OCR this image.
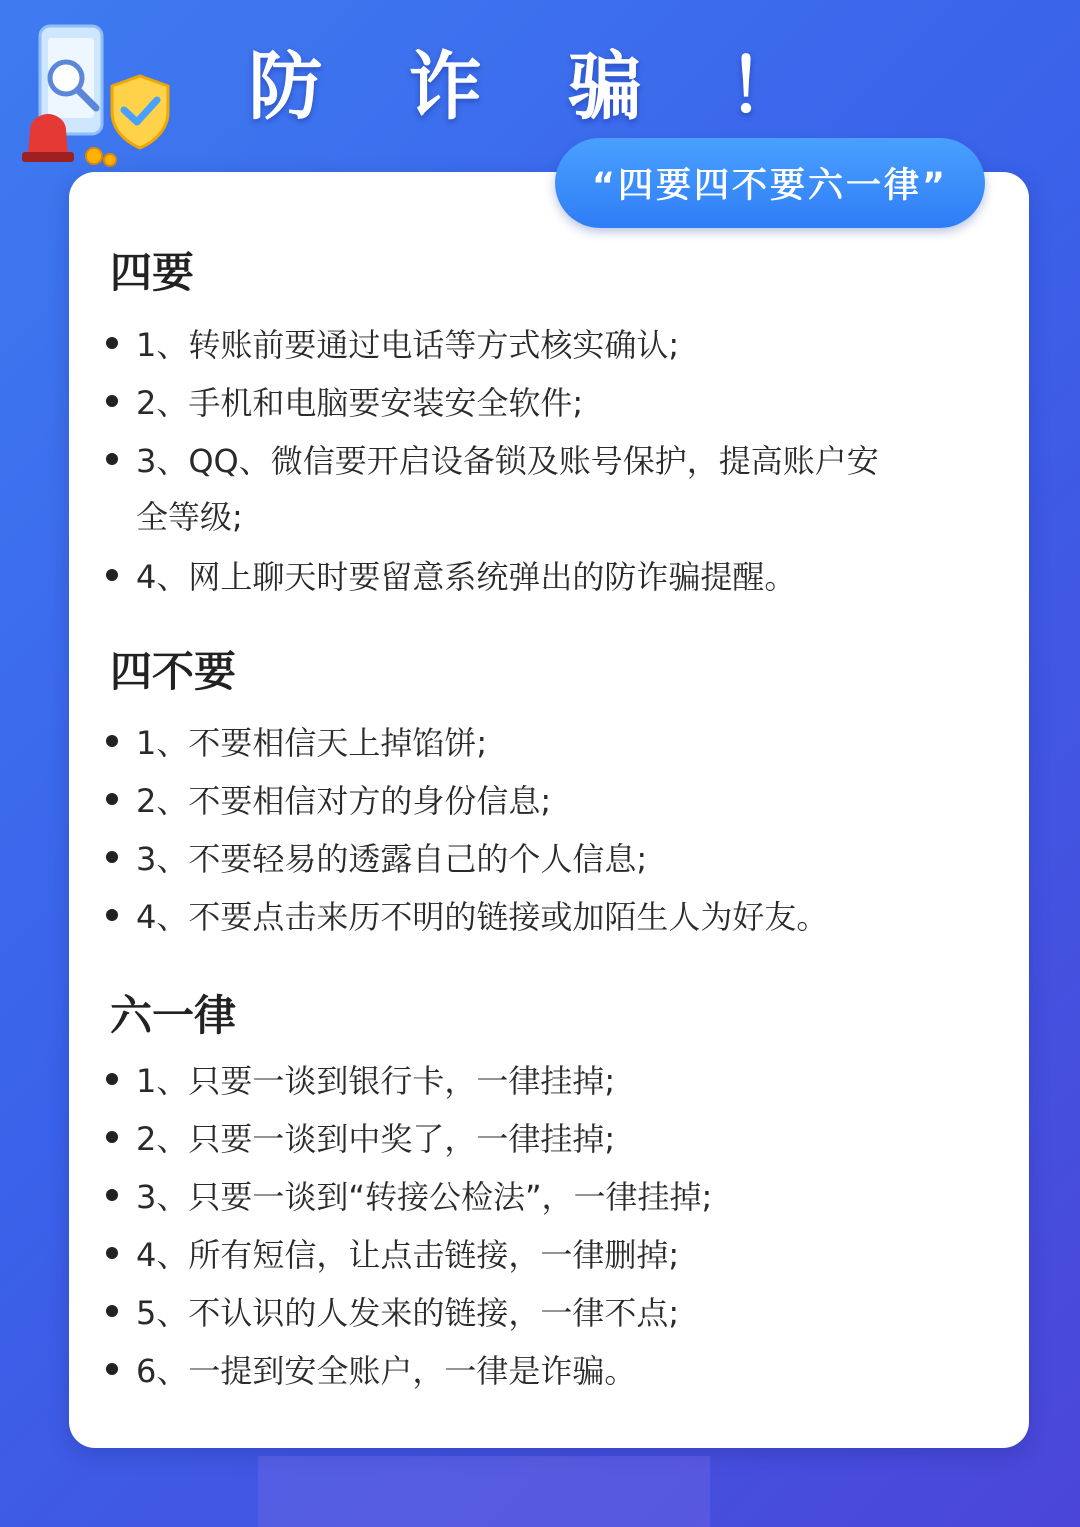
防 诈 骗 ！
“四要四不要六一律”
四要
1、转账前要通过电话等方式核实确认;
2、手机和电脑要安装安全软件;
3、QQ、微信要开启设备锁及账号保护，提高账户安全等级;
4、网上聊天时要留意系统弹出的防诈骗提醒。
四不要
1、不要相信天上掉馅饼;
2、不要相信对方的身份信息;
3、不要轻易的透露自己的个人信息;
4、不要点击来历不明的链接或加陌生人为好友。
六一律
1、只要一谈到银行卡，一律挂掉;
2、只要一谈到中奖了，一律挂掉;
3、只要一谈到“转接公检法”，一律挂掉;
4、所有短信，让点击链接，一律删掉;
5、不认识的人发来的链接，一律不点;
6、一提到安全账户，一律是诈骗。
